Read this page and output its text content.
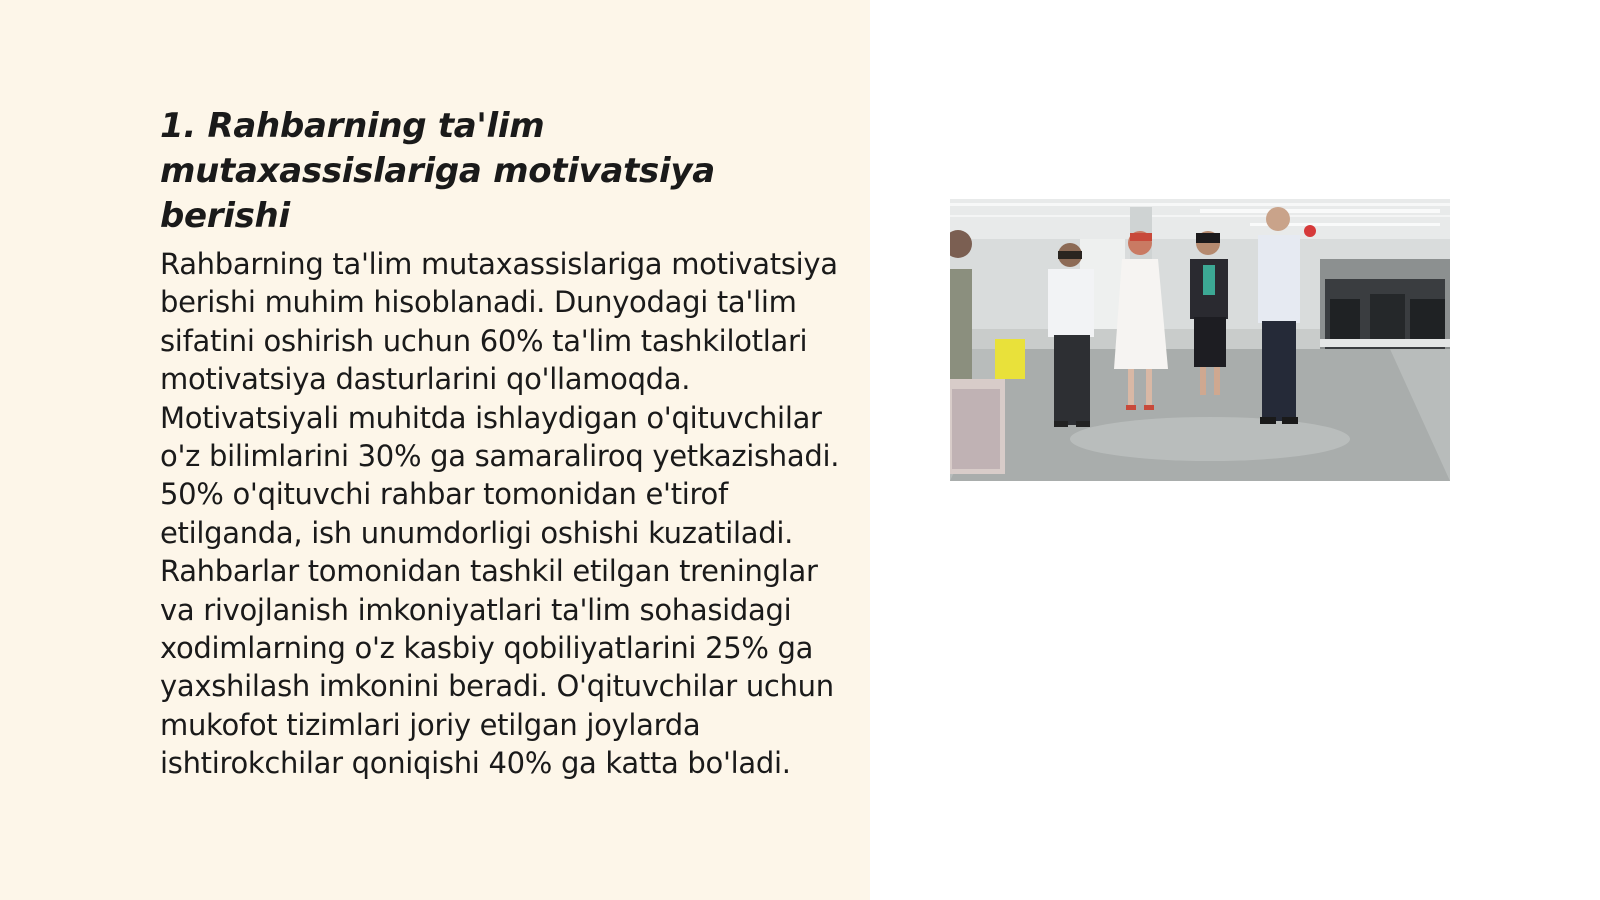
1. Rahbarning ta'lim mutaxassislariga motivatsiya berishi

Rahbarning ta'lim mutaxassislariga motivatsiya berishi muhim hisoblanadi. Dunyodagi ta'lim sifatini oshirish uchun 60% ta'lim tashkilotlari motivatsiya dasturlarini qo'llamoqda. Motivatsiyali muhitda ishlaydigan o'qituvchilar o'z bilimlarini 30% ga samaraliroq yetkazishadi. 50% o'qituvchi rahbar tomonidan e'tirof etilganda, ish unumdorligi oshishi kuzatiladi. Rahbarlar tomonidan tashkil etilgan treninglar va rivojlanish imkoniyatlari ta'lim sohasidagi xodimlarning o'z kasbiy qobiliyatlarini 25% ga yaxshilash imkonini beradi. O'qituvchilar uchun mukofot tizimlari joriy etilgan joylarda ishtirokchilar qoniqishi 40% ga katta bo'ladi.
